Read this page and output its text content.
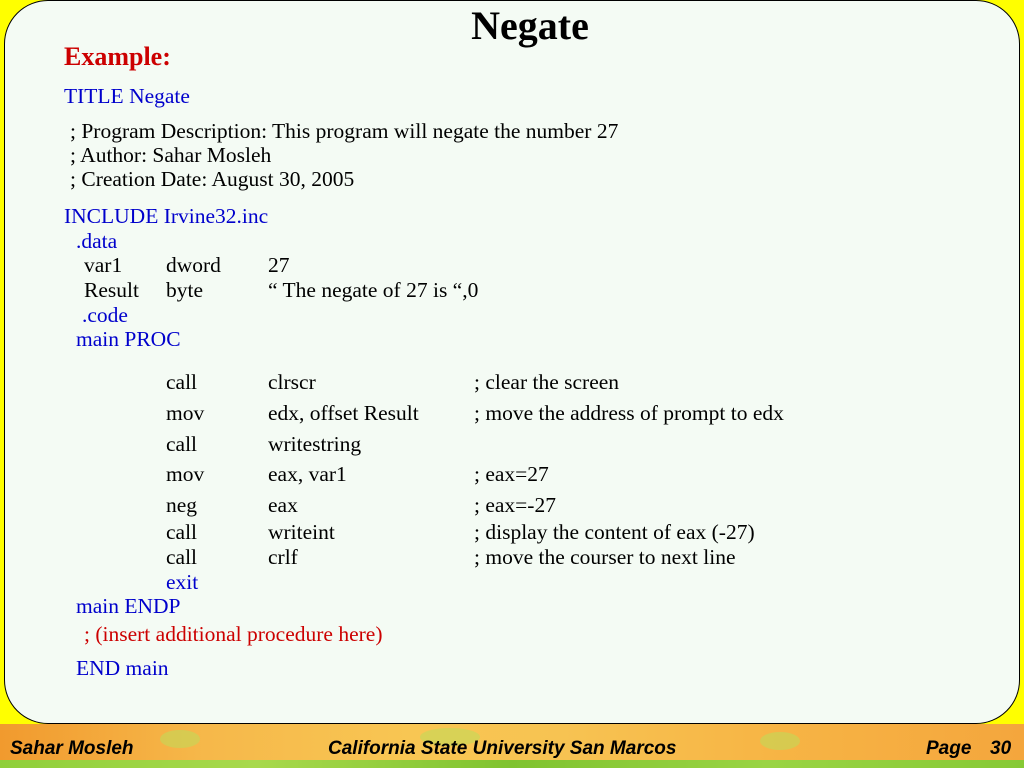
Negate
Example:
TITLE Negate
; Program Description: This program will negate the number 27
; Author: Sahar Mosleh
; Creation Date: August 30, 2005
INCLUDE Irvine32.inc
.data
var1 dword 27
Result byte	“ The negate of 27 is “,0
.code
main PROC
call	clrscr	; clear the screen
mov	edx, offset Result	; move the address of prompt to edx
call	writestring
mov	eax, var1	; eax=27
neg	eax	; eax=-27
call	writeint	; display the content of eax (-27)
call	crlf	; move the courser to next line
exit
main ENDP
; (insert additional procedure here)
END main
Sahar Mosleh	California State University San Marcos	Page 30
